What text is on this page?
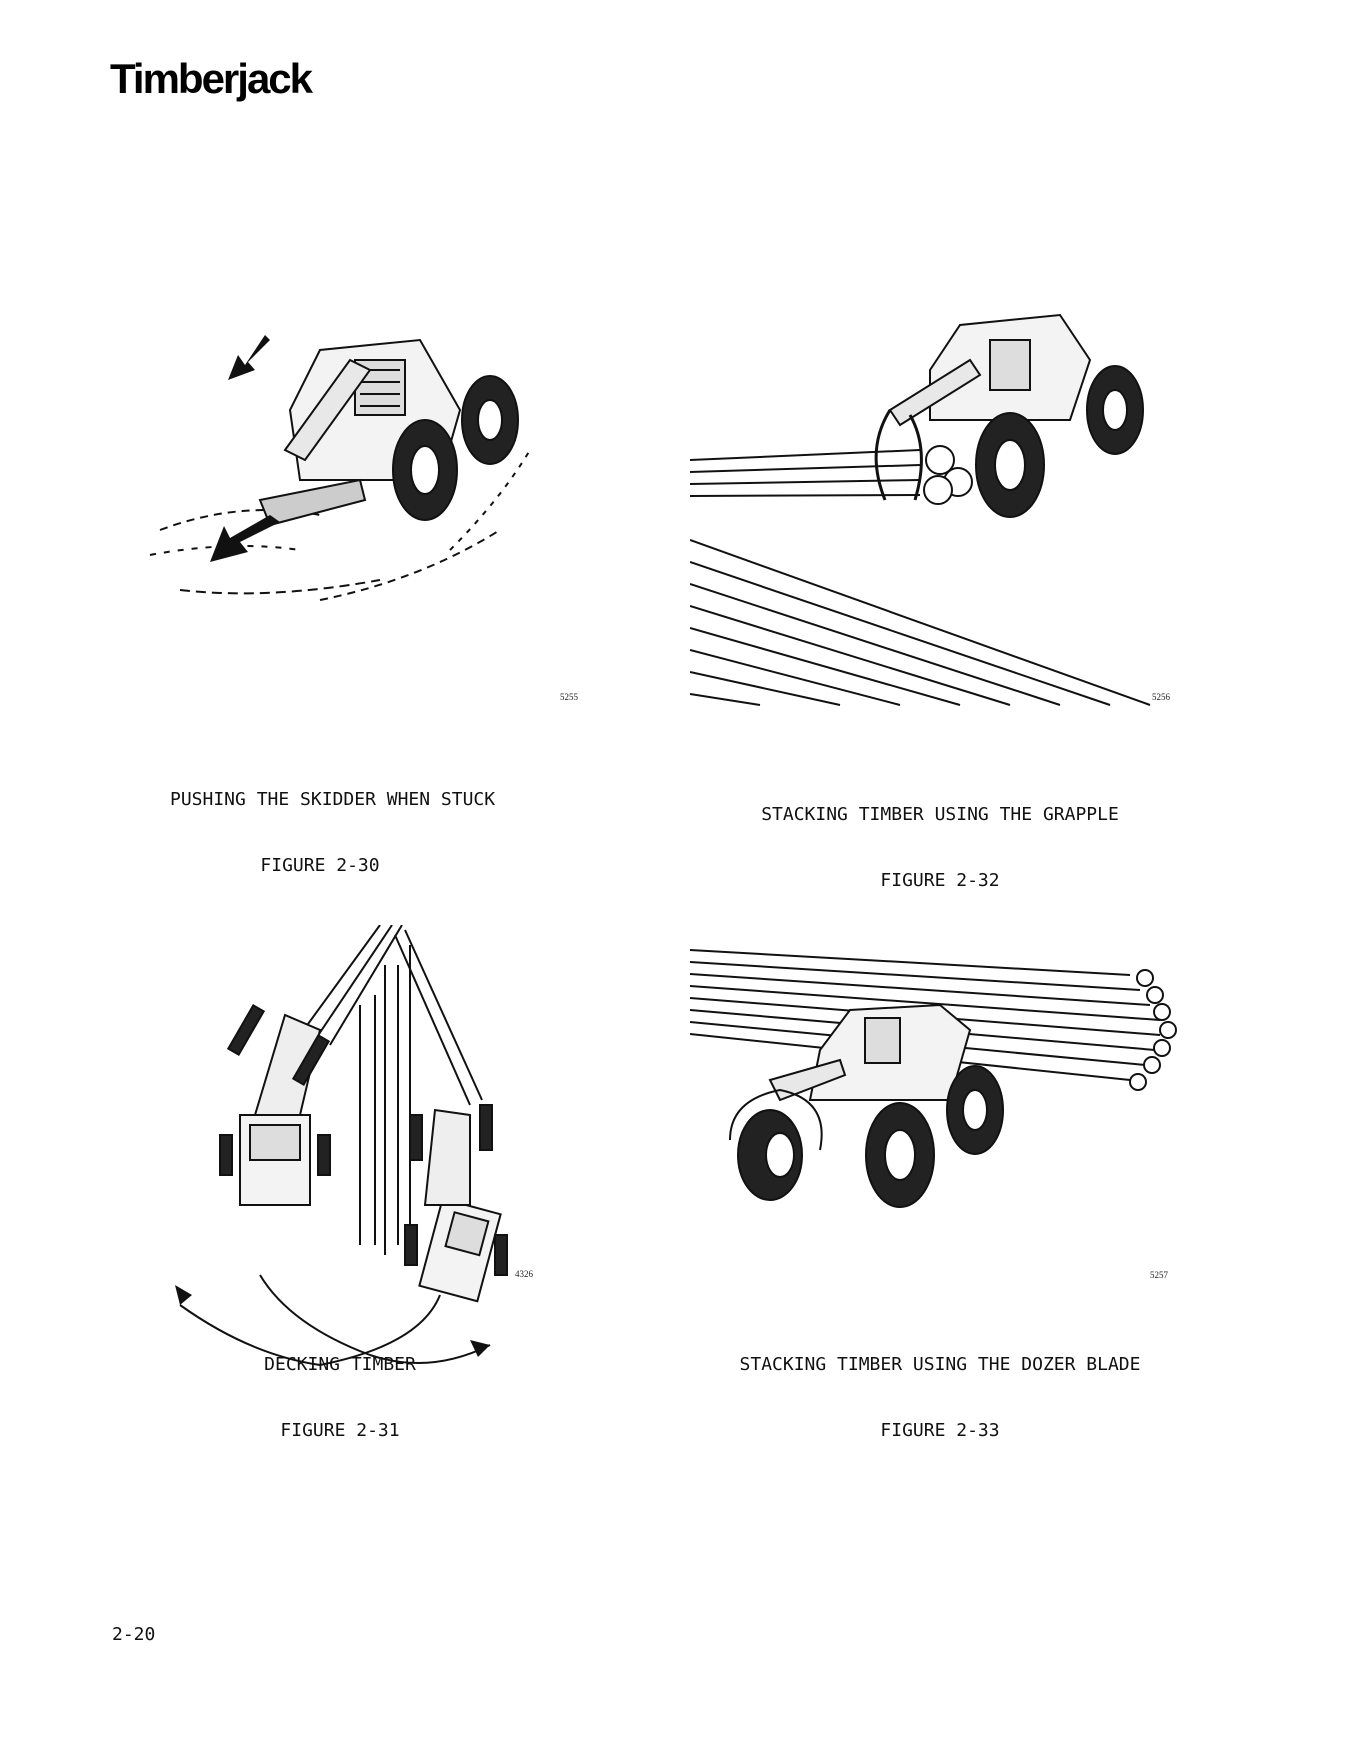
Timberjack
5255

PUSHING THE SKIDDER WHEN STUCK

FIGURE 2-30

5256

STACKING TIMBER USING THE GRAPPLE

FIGURE 2-32

4326

DECKING TIMBER

FIGURE 2-31

5257

STACKING TIMBER USING THE DOZER BLADE

FIGURE 2-33

2-20
